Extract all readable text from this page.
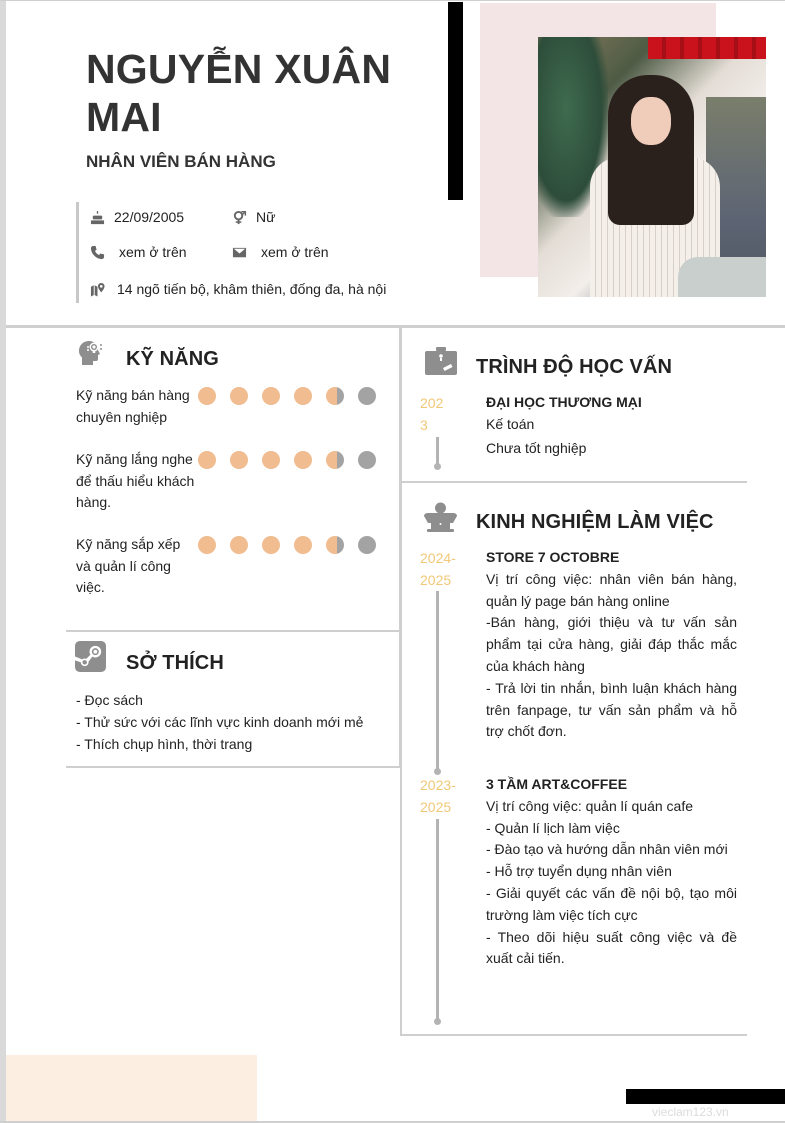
NGUYỄN XUÂN MAI
NHÂN VIÊN BÁN HÀNG
22/09/2005	Nữ
xem ở trên	xem ở trên
14 ngõ tiến bộ, khâm thiên, đống đa, hà nội
KỸ NĂNG
Kỹ năng bán hàng chuyên nghiệp
Kỹ năng lắng nghe để thấu hiểu khách hàng.
Kỹ năng sắp xếp và quản lí công việc.
SỞ THÍCH
- Đọc sách
- Thử sức với các lĩnh vực kinh doanh mới mẻ
- Thích chụp hình, thời trang
TRÌNH ĐỘ HỌC VẤN
202
3
ĐẠI HỌC THƯƠNG MẠI
Kế toán
Chưa tốt nghiệp
KINH NGHIỆM LÀM VIỆC
2024-
2025
STORE 7 OCTOBRE

Vị trí công việc: nhân viên bán hàng, quản lý page bán hàng online

-Bán hàng, giới thiệu và tư vấn sản phẩm tại cửa hàng, giải đáp thắc mắc của khách hàng

- Trả lời tin nhắn, bình luận khách hàng trên fanpage, tư vấn sản phẩm và hỗ trợ chốt đơn.

2023-
2025
3 TẦM ART&COFFEE

Vị trí công việc: quản lí quán cafe

- Quản lí lịch làm việc

- Đào tạo và hướng dẫn nhân viên mới

- Hỗ trợ tuyển dụng nhân viên

- Giải quyết các vấn đề nội bộ, tạo môi trường làm việc tích cực

- Theo dõi hiệu suất công việc và đề xuất cải tiến.

vieclam123.vn
